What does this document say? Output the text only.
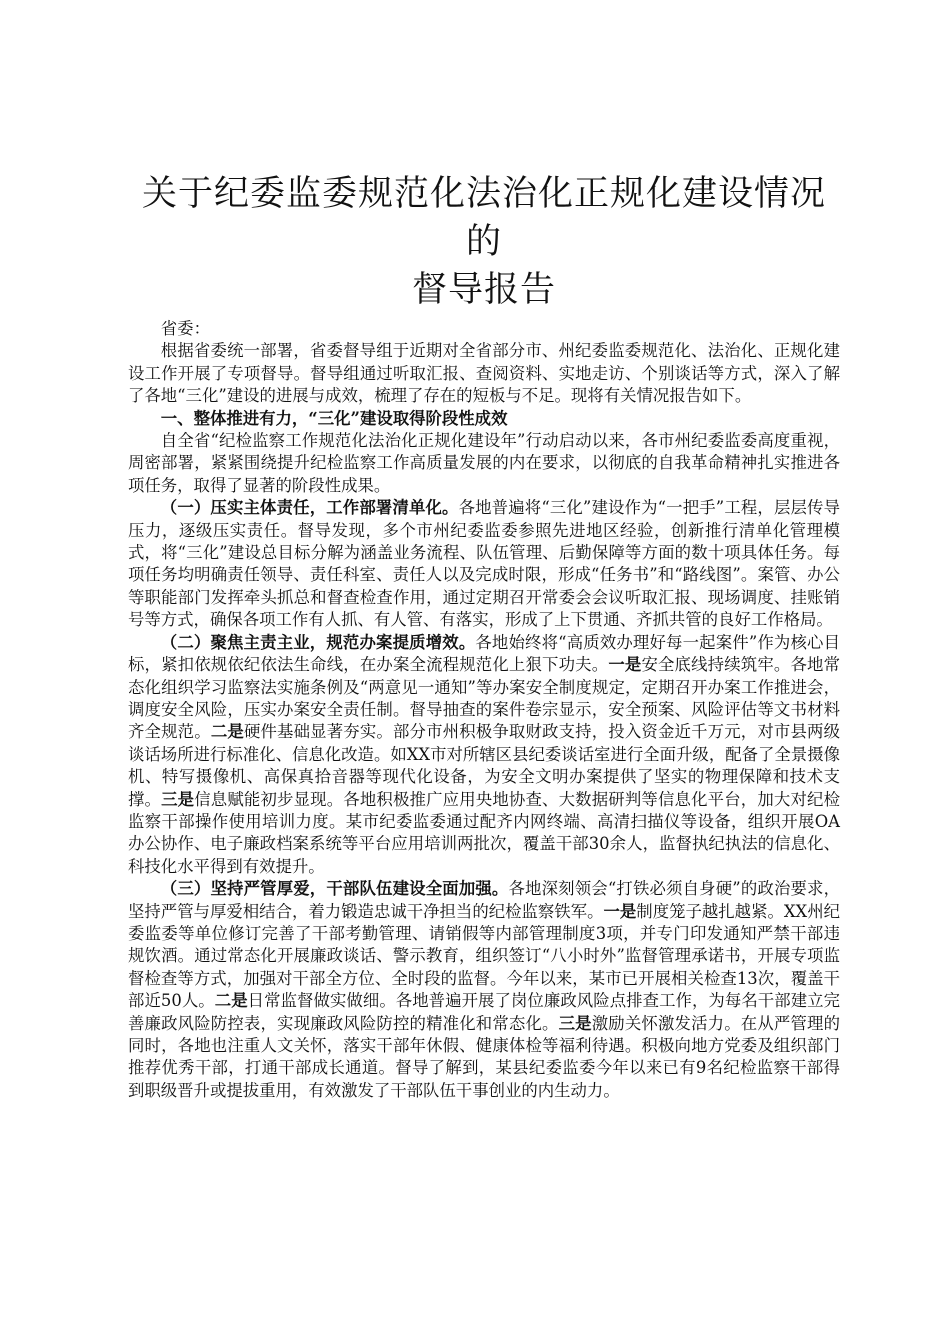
关于纪委监委规范化法治化正规化建设情况的
督导报告

省委：

根据省委统一部署，省委督导组于近期对全省部分市、州纪委监委规范化、法治化、正规化建设工作开展了专项督导。督导组通过听取汇报、查阅资料、实地走访、个别谈话等方式，深入了解了各地“三化”建设的进展与成效，梳理了存在的短板与不足。现将有关情况报告如下。

一、整体推进有力，“三化”建设取得阶段性成效

自全省“纪检监察工作规范化法治化正规化建设年”行动启动以来，各市州纪委监委高度重视，周密部署，紧紧围绕提升纪检监察工作高质量发展的内在要求，以彻底的自我革命精神扎实推进各项任务，取得了显著的阶段性成果。

（一）压实主体责任，工作部署清单化。各地普遍将“三化”建设作为“一把手”工程，层层传导压力，逐级压实责任。督导发现，多个市州纪委监委参照先进地区经验，创新推行清单化管理模式，将“三化”建设总目标分解为涵盖业务流程、队伍管理、后勤保障等方面的数十项具体任务。每项任务均明确责任领导、责任科室、责任人以及完成时限，形成“任务书”和“路线图”。案管、办公等职能部门发挥牵头抓总和督查检查作用，通过定期召开常委会会议听取汇报、现场调度、挂账销号等方式，确保各项工作有人抓、有人管、有落实，形成了上下贯通、齐抓共管的良好工作格局。

（二）聚焦主责主业，规范办案提质增效。各地始终将“高质效办理好每一起案件”作为核心目标，紧扣依规依纪依法生命线，在办案全流程规范化上狠下功夫。一是安全底线持续筑牢。各地常态化组织学习监察法实施条例及“两意见一通知”等办案安全制度规定，定期召开办案工作推进会，调度安全风险，压实办案安全责任制。督导抽查的案件卷宗显示，安全预案、风险评估等文书材料齐全规范。二是硬件基础显著夯实。部分市州积极争取财政支持，投入资金近千万元，对市县两级谈话场所进行标准化、信息化改造。如XX市对所辖区县纪委谈话室进行全面升级，配备了全景摄像机、特写摄像机、高保真拾音器等现代化设备，为安全文明办案提供了坚实的物理保障和技术支撑。三是信息赋能初步显现。各地积极推广应用央地协查、大数据研判等信息化平台，加大对纪检监察干部操作使用培训力度。某市纪委监委通过配齐内网终端、高清扫描仪等设备，组织开展OA办公协作、电子廉政档案系统等平台应用培训两批次，覆盖干部30余人，监督执纪执法的信息化、科技化水平得到有效提升。

（三）坚持严管厚爱，干部队伍建设全面加强。各地深刻领会“打铁必须自身硬”的政治要求，坚持严管与厚爱相结合，着力锻造忠诚干净担当的纪检监察铁军。一是制度笼子越扎越紧。XX州纪委监委等单位修订完善了干部考勤管理、请销假等内部管理制度3项，并专门印发通知严禁干部违规饮酒。通过常态化开展廉政谈话、警示教育，组织签订“八小时外”监督管理承诺书，开展专项监督检查等方式，加强对干部全方位、全时段的监督。今年以来，某市已开展相关检查13次，覆盖干部近50人。二是日常监督做实做细。各地普遍开展了岗位廉政风险点排查工作，为每名干部建立完善廉政风险防控表，实现廉政风险防控的精准化和常态化。三是激励关怀激发活力。在从严管理的同时，各地也注重人文关怀，落实干部年休假、健康体检等福利待遇。积极向地方党委及组织部门推荐优秀干部，打通干部成长通道。督导了解到，某县纪委监委今年以来已有9名纪检监察干部得到职级晋升或提拔重用，有效激发了干部队伍干事创业的内生动力。
